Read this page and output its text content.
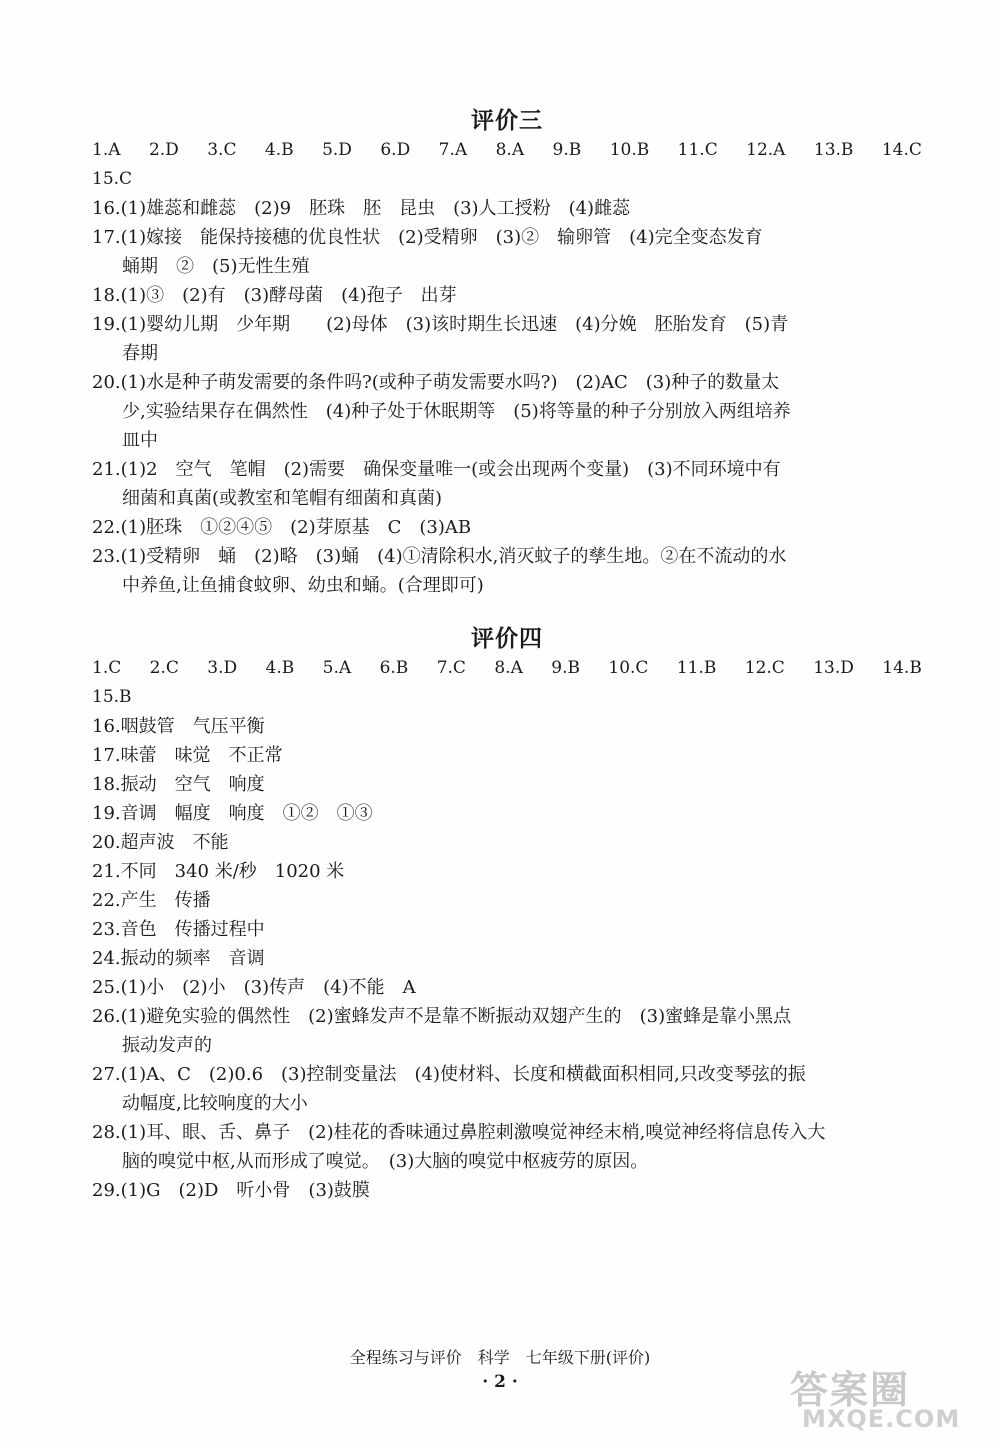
评价三
1.A 2.D 3.C 4.B 5.D 6.D 7.A 8.A 9.B 10.B 11.C 12.A 13.B 14.C
15.C
16.(1)雄蕊和雌蕊　(2)9　胚珠　胚　昆虫　(3)人工授粉　(4)雌蕊
17.(1)嫁接　能保持接穗的优良性状　(2)受精卵　(3)②　输卵管　(4)完全变态发育
蛹期　②　(5)无性生殖
18.(1)③　(2)有　(3)酵母菌　(4)孢子　出芽
19.(1)婴幼儿期　少年期　　(2)母体　(3)该时期生长迅速　(4)分娩　胚胎发育　(5)青
春期
20.(1)水是种子萌发需要的条件吗?(或种子萌发需要水吗?)　(2)AC　(3)种子的数量太
少,实验结果存在偶然性　(4)种子处于休眠期等　(5)将等量的种子分别放入两组培养
皿中
21.(1)2　空气　笔帽　(2)需要　确保变量唯一(或会出现两个变量)　(3)不同环境中有
细菌和真菌(或教室和笔帽有细菌和真菌)
22.(1)胚珠　①②④⑤　(2)芽原基　C　(3)AB
23.(1)受精卵　蛹　(2)略　(3)蛹　(4)①清除积水,消灭蚊子的孳生地。②在不流动的水
中养鱼,让鱼捕食蚊卵、幼虫和蛹。(合理即可)
评价四
1.C 2.C 3.D 4.B 5.A 6.B 7.C 8.A 9.B 10.C 11.B 12.C 13.D 14.B
15.B
16.咽鼓管　气压平衡
17.味蕾　味觉　不正常
18.振动　空气　响度
19.音调　幅度　响度　①②　①③
20.超声波　不能
21.不同　340 米/秒　1020 米
22.产生　传播
23.音色　传播过程中
24.振动的频率　音调
25.(1)小　(2)小　(3)传声　(4)不能　A
26.(1)避免实验的偶然性　(2)蜜蜂发声不是靠不断振动双翅产生的　(3)蜜蜂是靠小黑点
振动发声的
27.(1)A、C　(2)0.6　(3)控制变量法　(4)使材料、长度和横截面积相同,只改变琴弦的振
动幅度,比较响度的大小
28.(1)耳、眼、舌、鼻子　(2)桂花的香味通过鼻腔刺激嗅觉神经末梢,嗅觉神经将信息传入大
脑的嗅觉中枢,从而形成了嗅觉。　(3)大脑的嗅觉中枢疲劳的原因。
29.(1)G　(2)D　听小骨　(3)鼓膜
全程练习与评价　科学　七年级下册(评价)
· 2 ·	答案圈
MXQE.COM
